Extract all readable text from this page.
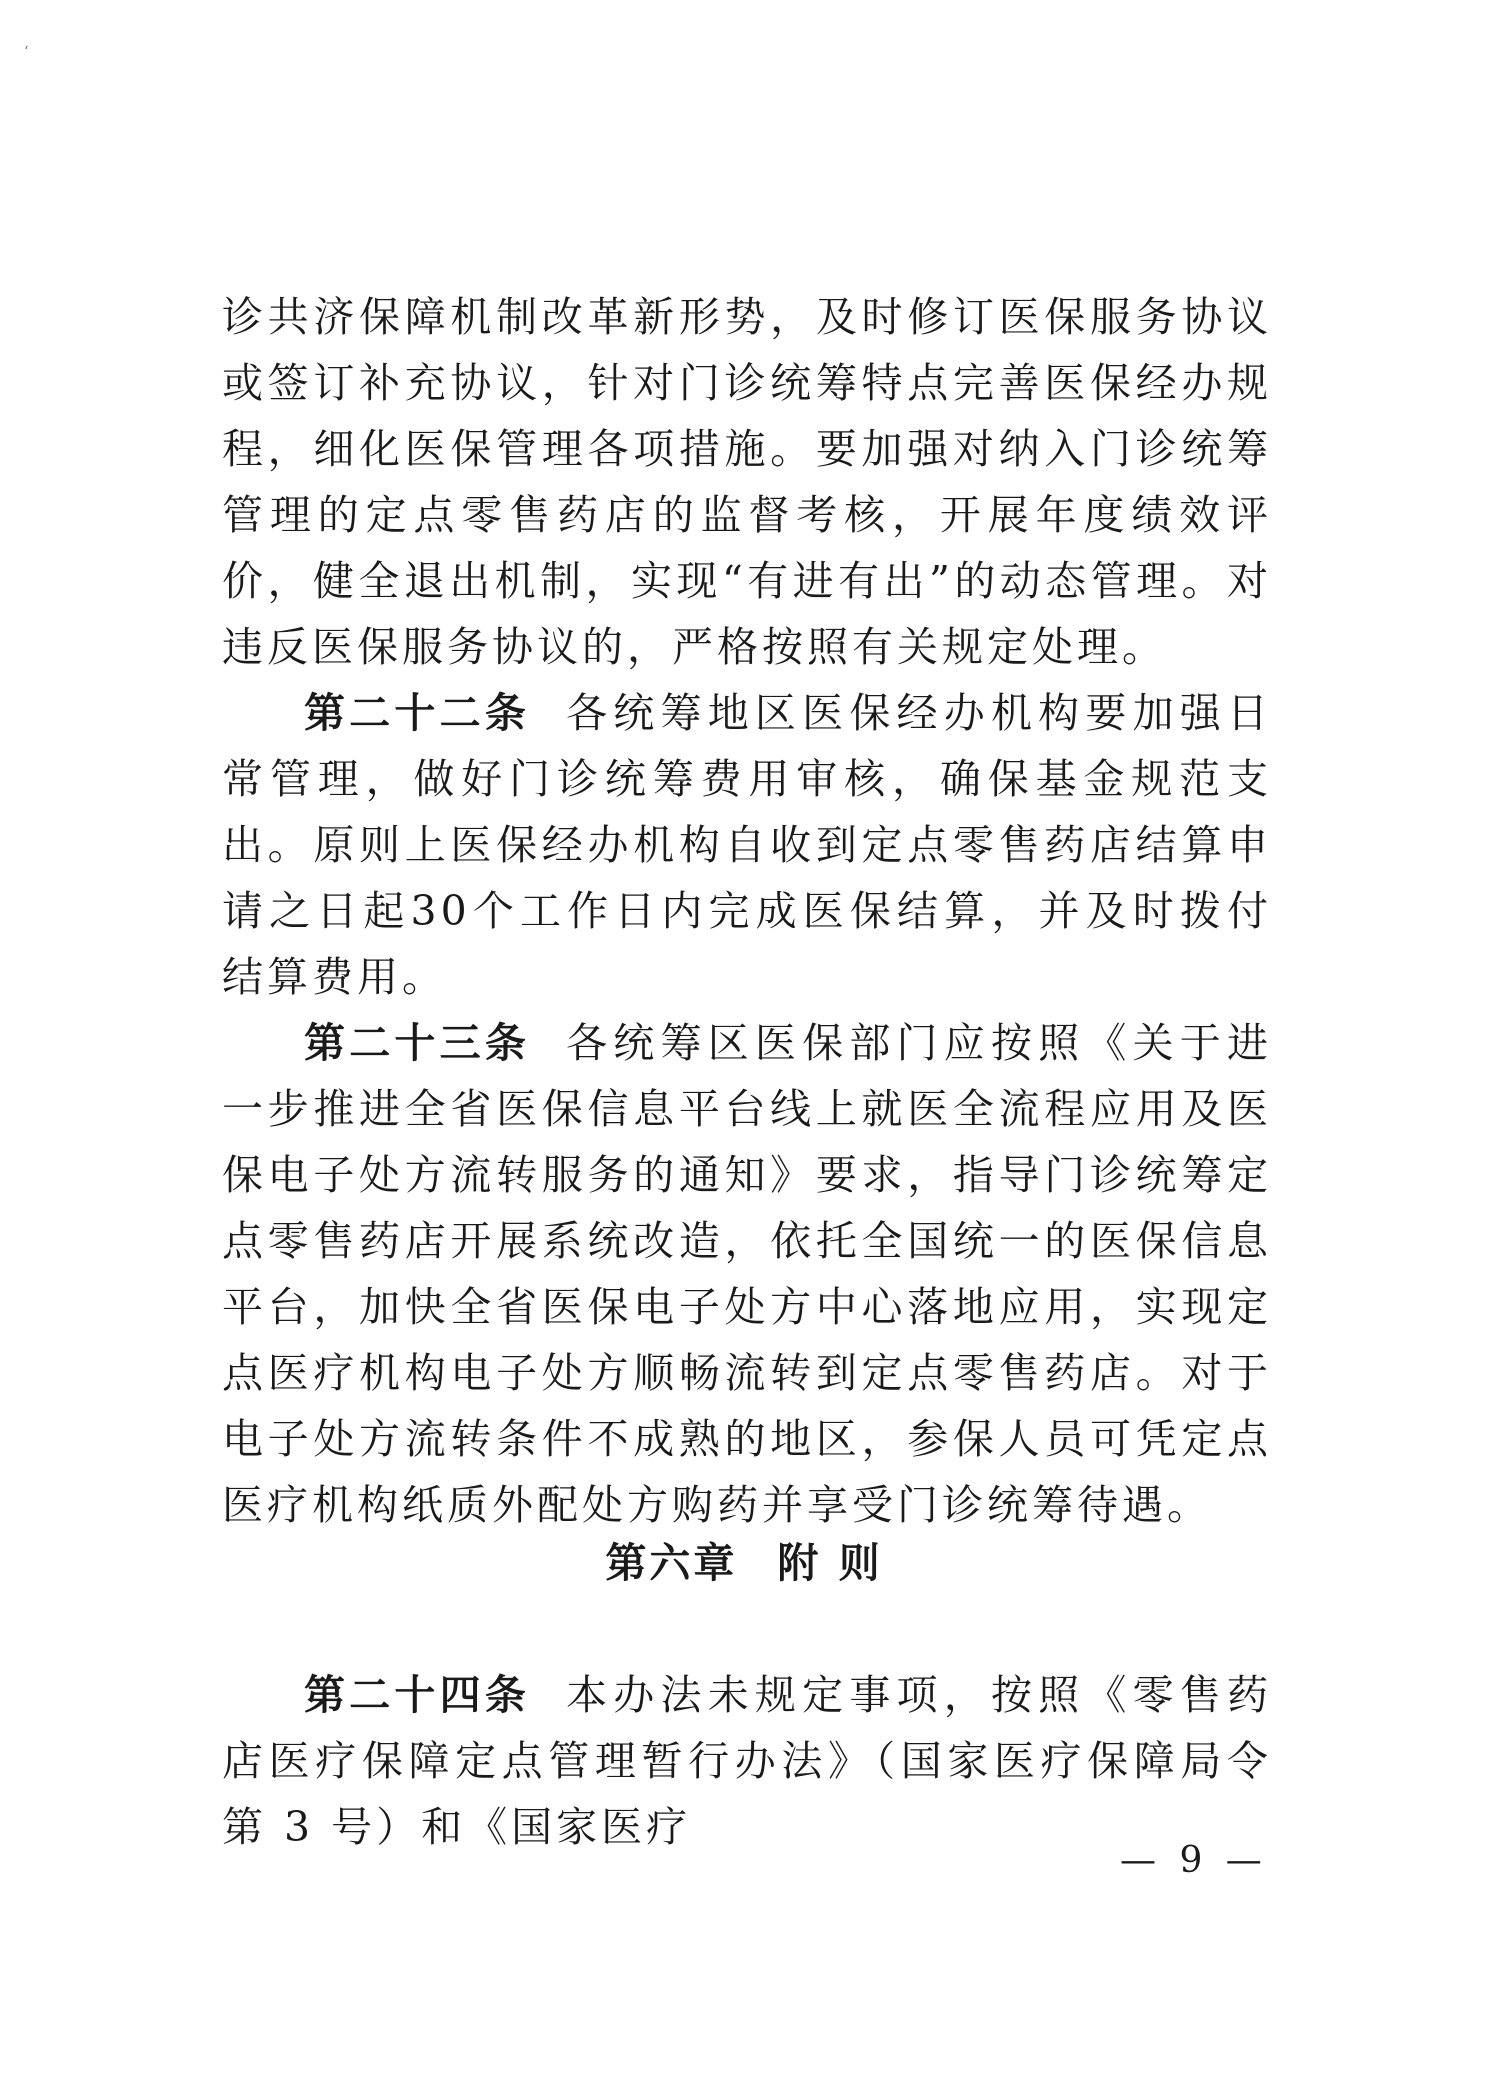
‘

诊共济保障机制改革新形势，及时修订医保服务协议或签订补充协议，针对门诊统筹特点完善医保经办规程，细化医保管理各项措施。要加强对纳入门诊统筹管理的定点零售药店的监督考核，开展年度绩效评价，健全退出机制，实现“有进有出”的动态管理。对违反医保服务协议的，严格按照有关规定处理。

第二十二条 各统筹地区医保经办机构要加强日常管理，做好门诊统筹费用审核，确保基金规范支出。原则上医保经办机构自收到定点零售药店结算申请之日起30个工作日内完成医保结算，并及时拨付结算费用。

第二十三条 各统筹区医保部门应按照《关于进一步推进全省医保信息平台线上就医全流程应用及医保电子处方流转服务的通知》要求，指导门诊统筹定点零售药店开展系统改造，依托全国统一的医保信息平台，加快全省医保电子处方中心落地应用，实现定点医疗机构电子处方顺畅流转到定点零售药店。对于电子处方流转条件不成熟的地区，参保人员可凭定点医疗机构纸质外配处方购药并享受门诊统筹待遇。

第六章 附 则

第二十四条 本办法未规定事项，按照《零售药店医疗保障定点管理暂行办法》（国家医疗保障局令第 3 号）和《国家医疗

— 9 —
